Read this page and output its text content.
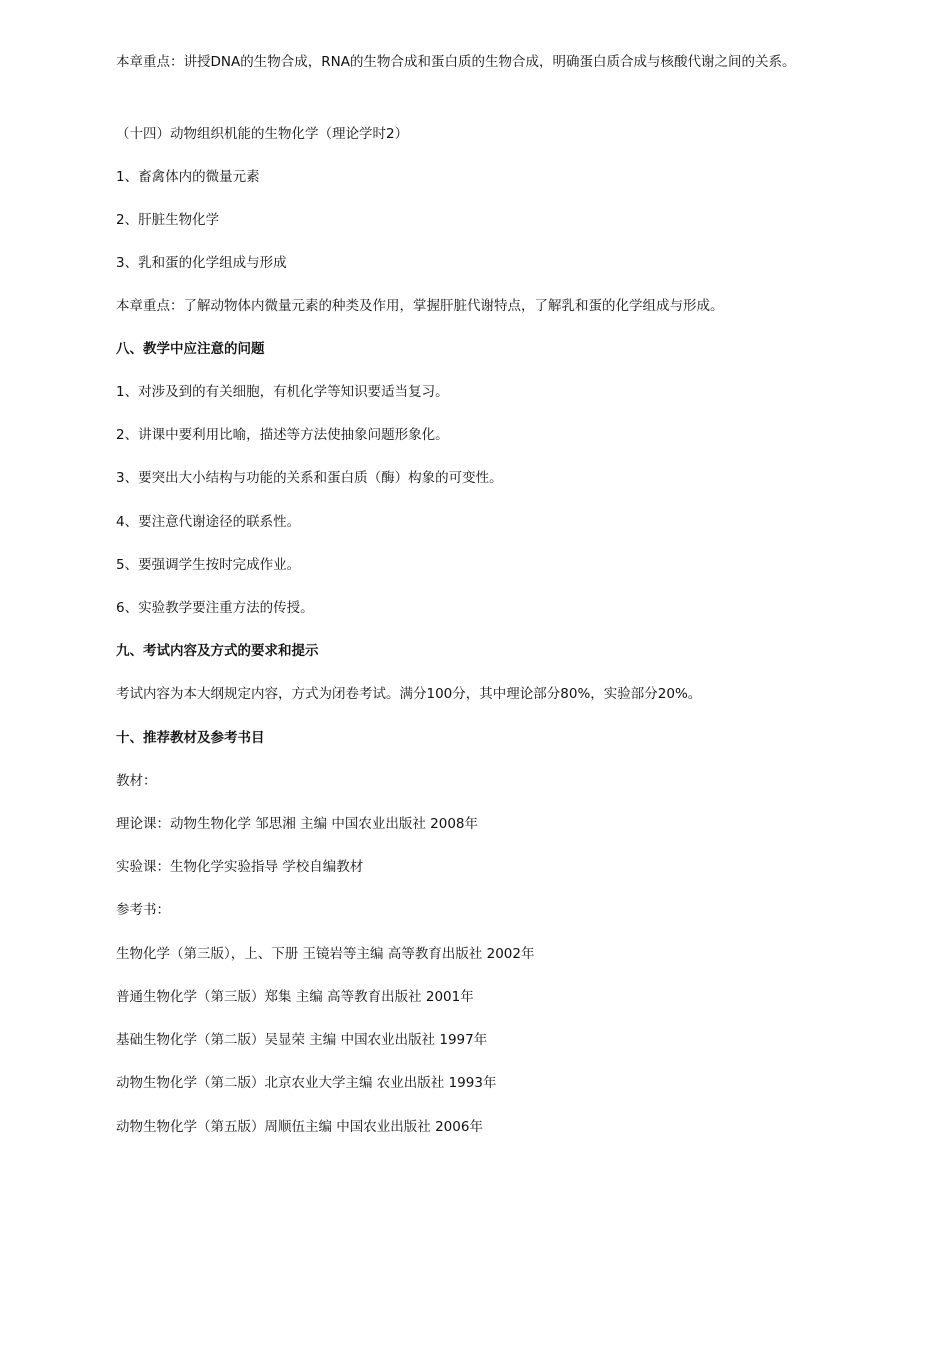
本章重点：讲授DNA的生物合成，RNA的生物合成和蛋白质的生物合成，明确蛋白质合成与核酸代谢之间的关系。
（十四）动物组织机能的生物化学（理论学时2）
1、畜禽体内的微量元素
2、肝脏生物化学
3、乳和蛋的化学组成与形成
本章重点：了解动物体内微量元素的种类及作用，掌握肝脏代谢特点，了解乳和蛋的化学组成与形成。
八、教学中应注意的问题
1、对涉及到的有关细胞，有机化学等知识要适当复习。
2、讲课中要利用比喻，描述等方法使抽象问题形象化。
3、要突出大小结构与功能的关系和蛋白质（酶）构象的可变性。
4、要注意代谢途径的联系性。
5、要强调学生按时完成作业。
6、实验教学要注重方法的传授。
九、考试内容及方式的要求和提示
考试内容为本大纲规定内容，方式为闭卷考试。满分100分，其中理论部分80%，实验部分20%。
十、推荐教材及参考书目
教材：
理论课：动物生物化学 邹思湘 主编 中国农业出版社 2008年
实验课：生物化学实验指导 学校自编教材
参考书：
生物化学（第三版），上、下册 王镜岩等主编 高等教育出版社 2002年
普通生物化学（第三版）郑集 主编 高等教育出版社 2001年
基础生物化学（第二版）吴显荣 主编 中国农业出版社 1997年
动物生物化学（第二版）北京农业大学主编 农业出版社 1993年
动物生物化学（第五版）周顺伍主编 中国农业出版社 2006年
